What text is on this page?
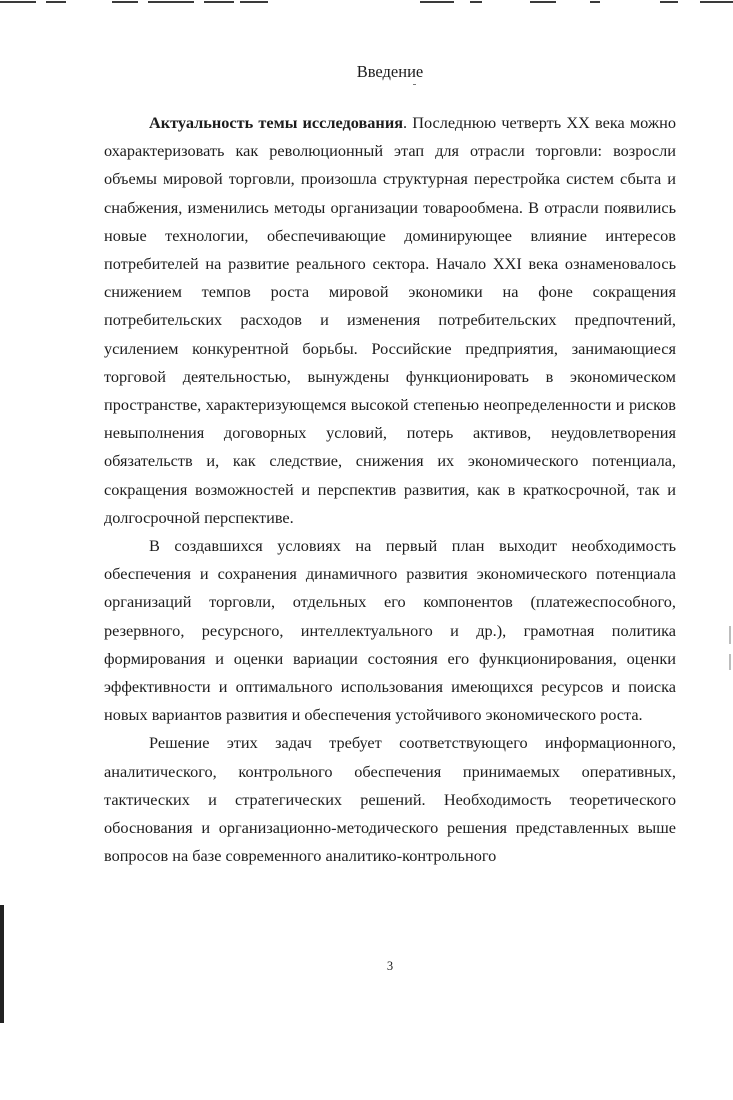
Введение

Актуальность темы исследования. Последнюю четверть XX века можно охарактеризовать как революционный этап для отрасли торговли: возросли объемы мировой торговли, произошла структурная перестройка систем сбыта и снабжения, изменились методы организации товарообмена. В отрасли появились новые технологии, обеспечивающие доминирующее влияние интересов потребителей на развитие реального сектора. Начало XXI века ознаменовалось снижением темпов роста мировой экономики на фоне сокращения потребительских расходов и изменения потребительских предпочтений, усилением конкурентной борьбы. Российские предприятия, занимающиеся торговой деятельностью, вынуждены функционировать в экономическом пространстве, характеризующемся высокой степенью неопределенности и рисков невыполнения договорных условий, потерь активов, неудовлетворения обязательств и, как следствие, снижения их экономического потенциала, сокращения возможностей и перспектив развития, как в краткосрочной, так и долгосрочной перспективе.

В создавшихся условиях на первый план выходит необходимость обеспечения и сохранения динамичного развития экономического потенциала организаций торговли, отдельных его компонентов (платежеспособного, резервного, ресурсного, интеллектуального и др.), грамотная политика формирования и оценки вариации состояния его функционирования, оценки эффективности и оптимального использования имеющихся ресурсов и поиска новых вариантов развития и обеспечения устойчивого экономического роста.

Решение этих задач требует соответствующего информационного, аналитического, контрольного обеспечения принимаемых оперативных, тактических и стратегических решений. Необходимость теоретического обоснования и организационно-методического решения представленных выше вопросов на базе современного аналитико-контрольного

3
